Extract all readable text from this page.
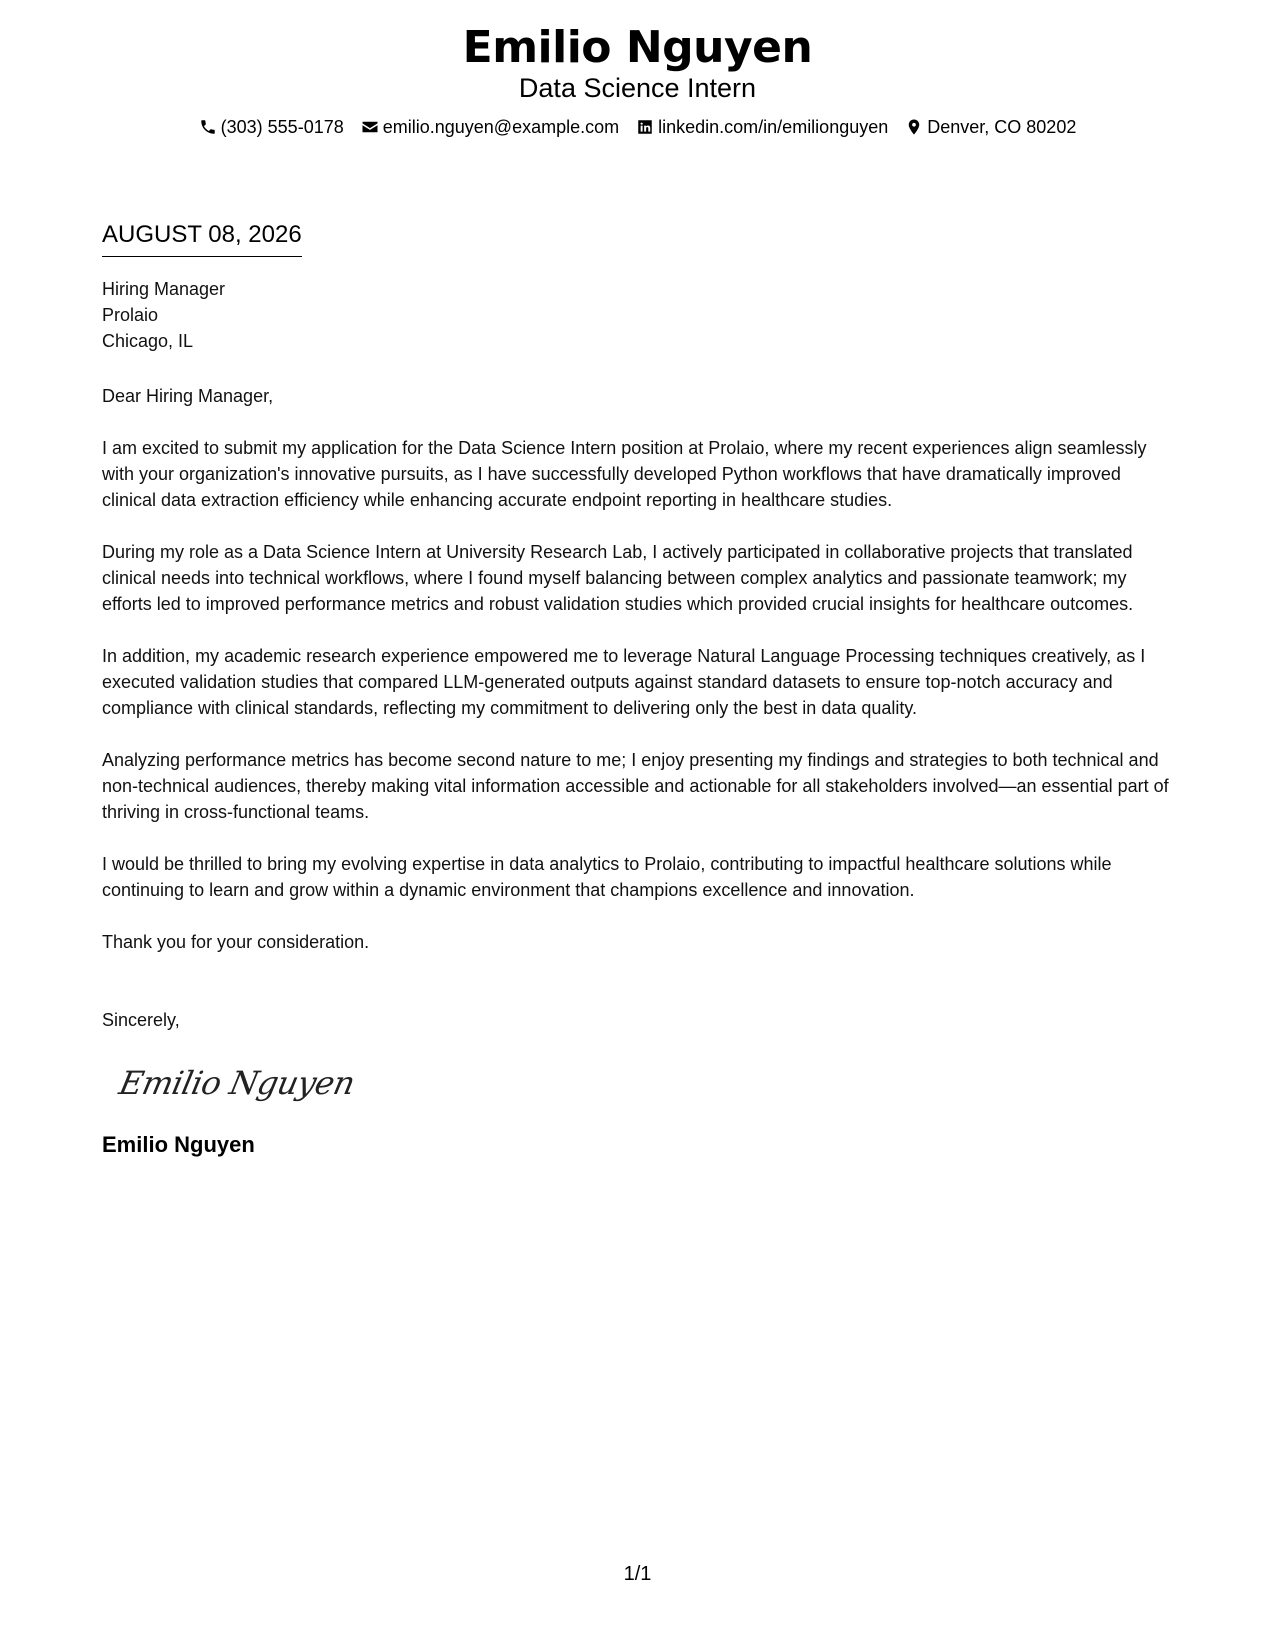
Emilio Nguyen
Data Science Intern
(303) 555-0178 emilio.nguyen@example.com linkedin.com/in/emilionguyen Denver, CO 80202
AUGUST 08, 2026
Hiring Manager
Prolaio
Chicago, IL
Dear Hiring Manager,
I am excited to submit my application for the Data Science Intern position at Prolaio, where my recent experiences align seamlessly with your organization's innovative pursuits, as I have successfully developed Python workflows that have dramatically improved clinical data extraction efficiency while enhancing accurate endpoint reporting in healthcare studies.
During my role as a Data Science Intern at University Research Lab, I actively participated in collaborative projects that translated clinical needs into technical workflows, where I found myself balancing between complex analytics and passionate teamwork; my efforts led to improved performance metrics and robust validation studies which provided crucial insights for healthcare outcomes.
In addition, my academic research experience empowered me to leverage Natural Language Processing techniques creatively, as I executed validation studies that compared LLM-generated outputs against standard datasets to ensure top-notch accuracy and compliance with clinical standards, reflecting my commitment to delivering only the best in data quality.
Analyzing performance metrics has become second nature to me; I enjoy presenting my findings and strategies to both technical and non-technical audiences, thereby making vital information accessible and actionable for all stakeholders involved—an essential part of thriving in cross-functional teams.
I would be thrilled to bring my evolving expertise in data analytics to Prolaio, contributing to impactful healthcare solutions while continuing to learn and grow within a dynamic environment that champions excellence and innovation.
Thank you for your consideration.
Sincerely,
Emilio Nguyen
Emilio Nguyen
1/1
